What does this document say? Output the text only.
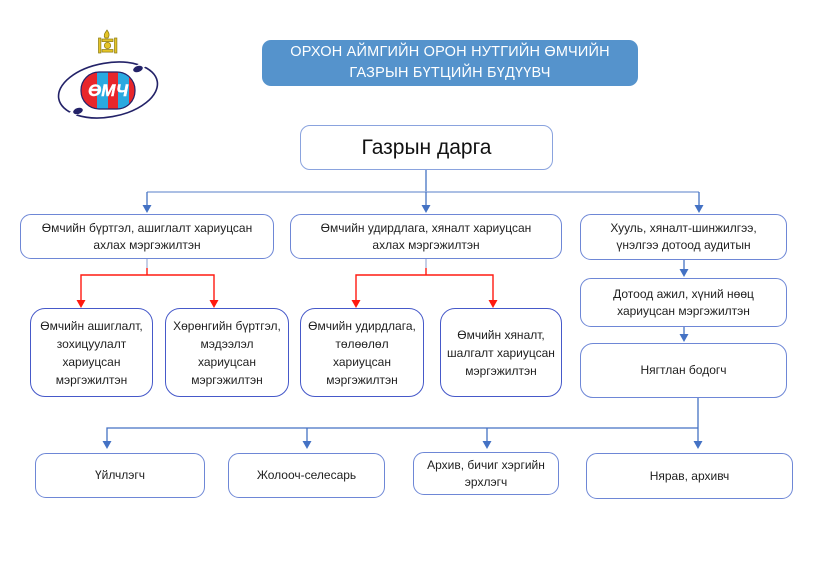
ӨМЧ
ОРХОН АЙМГИЙН ОРОН НУТГИЙН ӨМЧИЙН
ГАЗРЫН БҮТЦИЙН БҮДҮҮВЧ
Газрын дарга
Өмчийн бүртгэл, ашиглалт хариуцсан ахлах мэргэжилтэн
Өмчийн удирдлага, хяналт хариуцсан ахлах мэргэжилтэн
Хууль, хяналт-шинжилгээ, үнэлгээ дотоод аудитын
Өмчийн ашиглалт, зохицуулалт хариуцсан мэргэжилтэн
Хөрөнгийн бүртгэл, мэдээлэл хариуцсан мэргэжилтэн
Өмчийн удирдлага, төлөөлөл хариуцсан мэргэжилтэн
Өмчийн хяналт, шалгалт хариуцсан мэргэжилтэн
Дотоод ажил, хүний нөөц хариуцсан мэргэжилтэн
Нягтлан бодогч
Үйлчлэгч	Жолооч-селесарь
Архив, бичиг хэргийн эрхлэгч	Нярав, архивч
